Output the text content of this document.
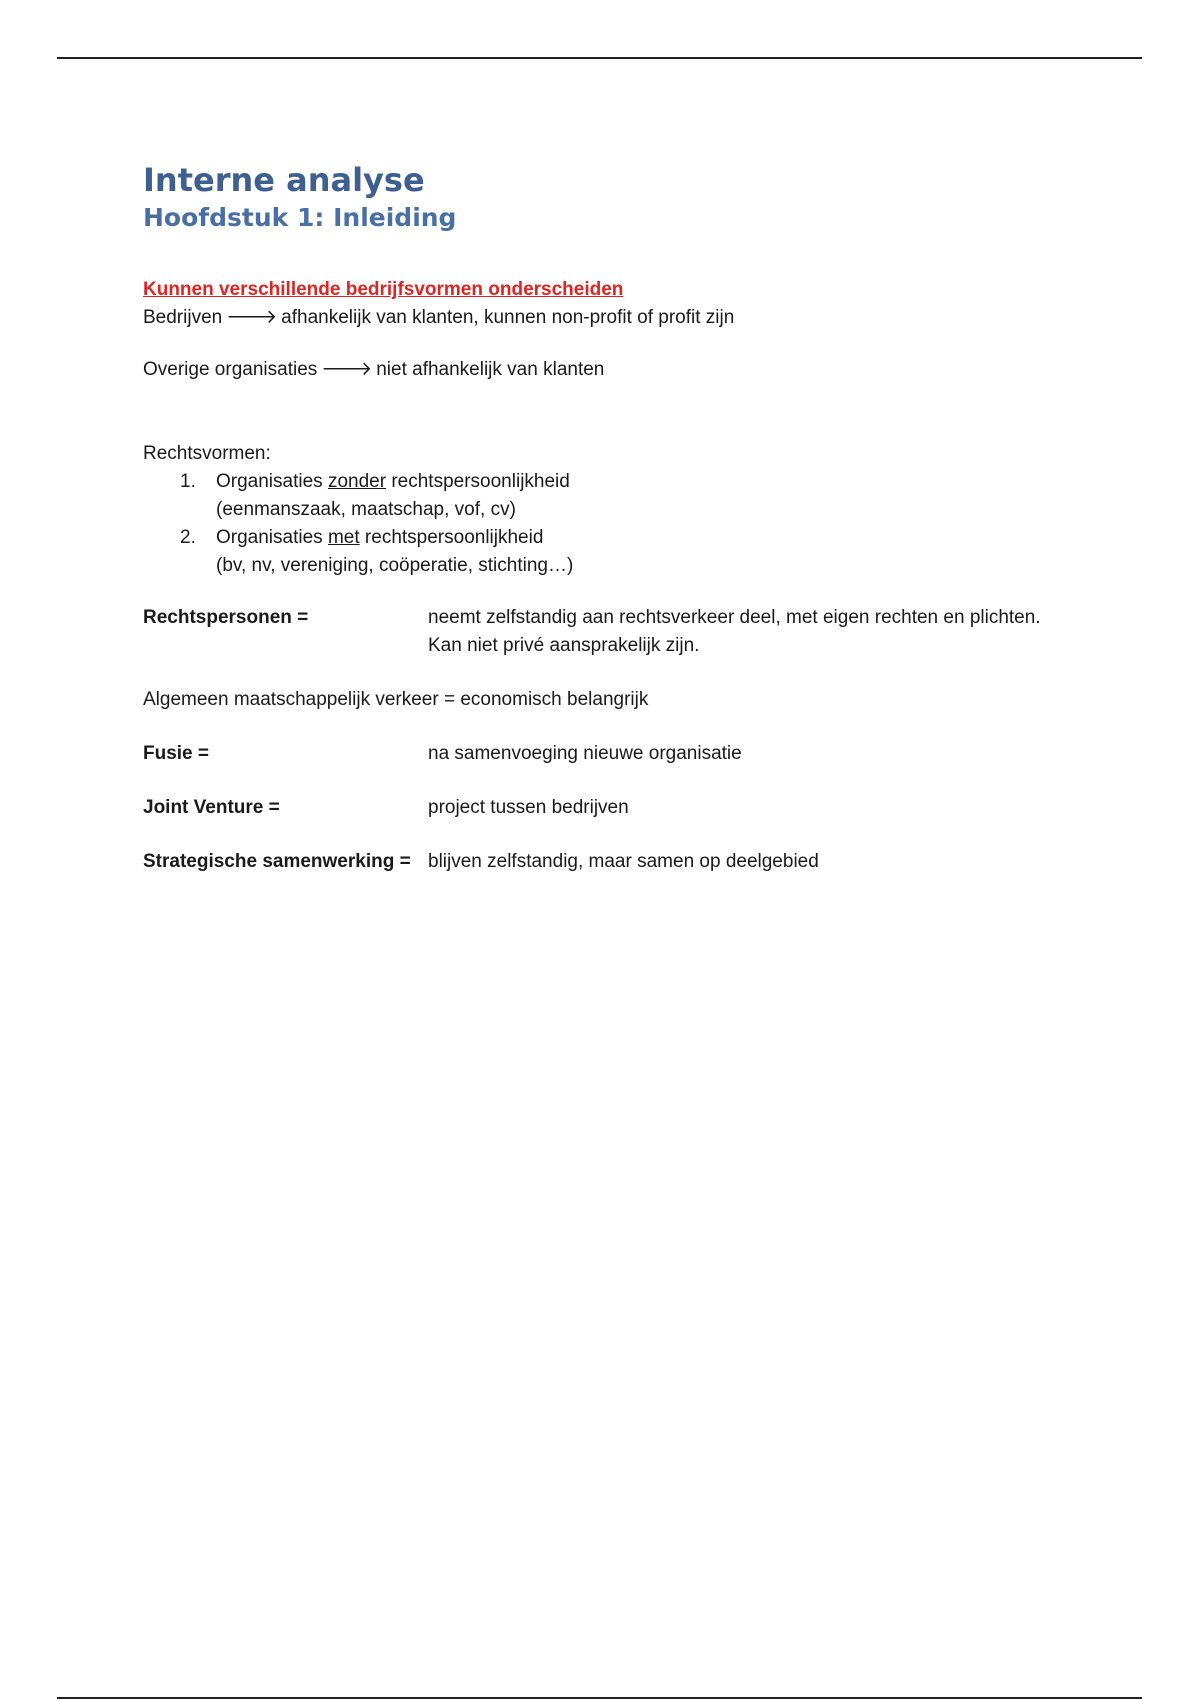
Interne analyse
Hoofdstuk 1: Inleiding

Kunnen verschillende bedrijfsvormen onderscheiden

Bedrijven 🡒 afhankelijk van klanten, kunnen non-profit of profit zijn

Overige organisaties 🡒 niet afhankelijk van klanten

Rechtsvormen:

1. Organisaties zonder rechtspersoonlijkheid
(eenmanszaak, maatschap, vof, cv)
2. Organisaties met rechtspersoonlijkheid
(bv, nv, vereniging, coöperatie, stichting…)
Rechtspersonen =	neemt zelfstandig aan rechtsverkeer deel, met eigen rechten en plichten. Kan niet privé aansprakelijk zijn.

Algemeen maatschappelijk verkeer = economisch belangrijk

Fusie =	na samenvoeging nieuwe organisatie
Joint Venture =	project tussen bedrijven
Strategische samenwerking = blijven zelfstandig, maar samen op deelgebied
